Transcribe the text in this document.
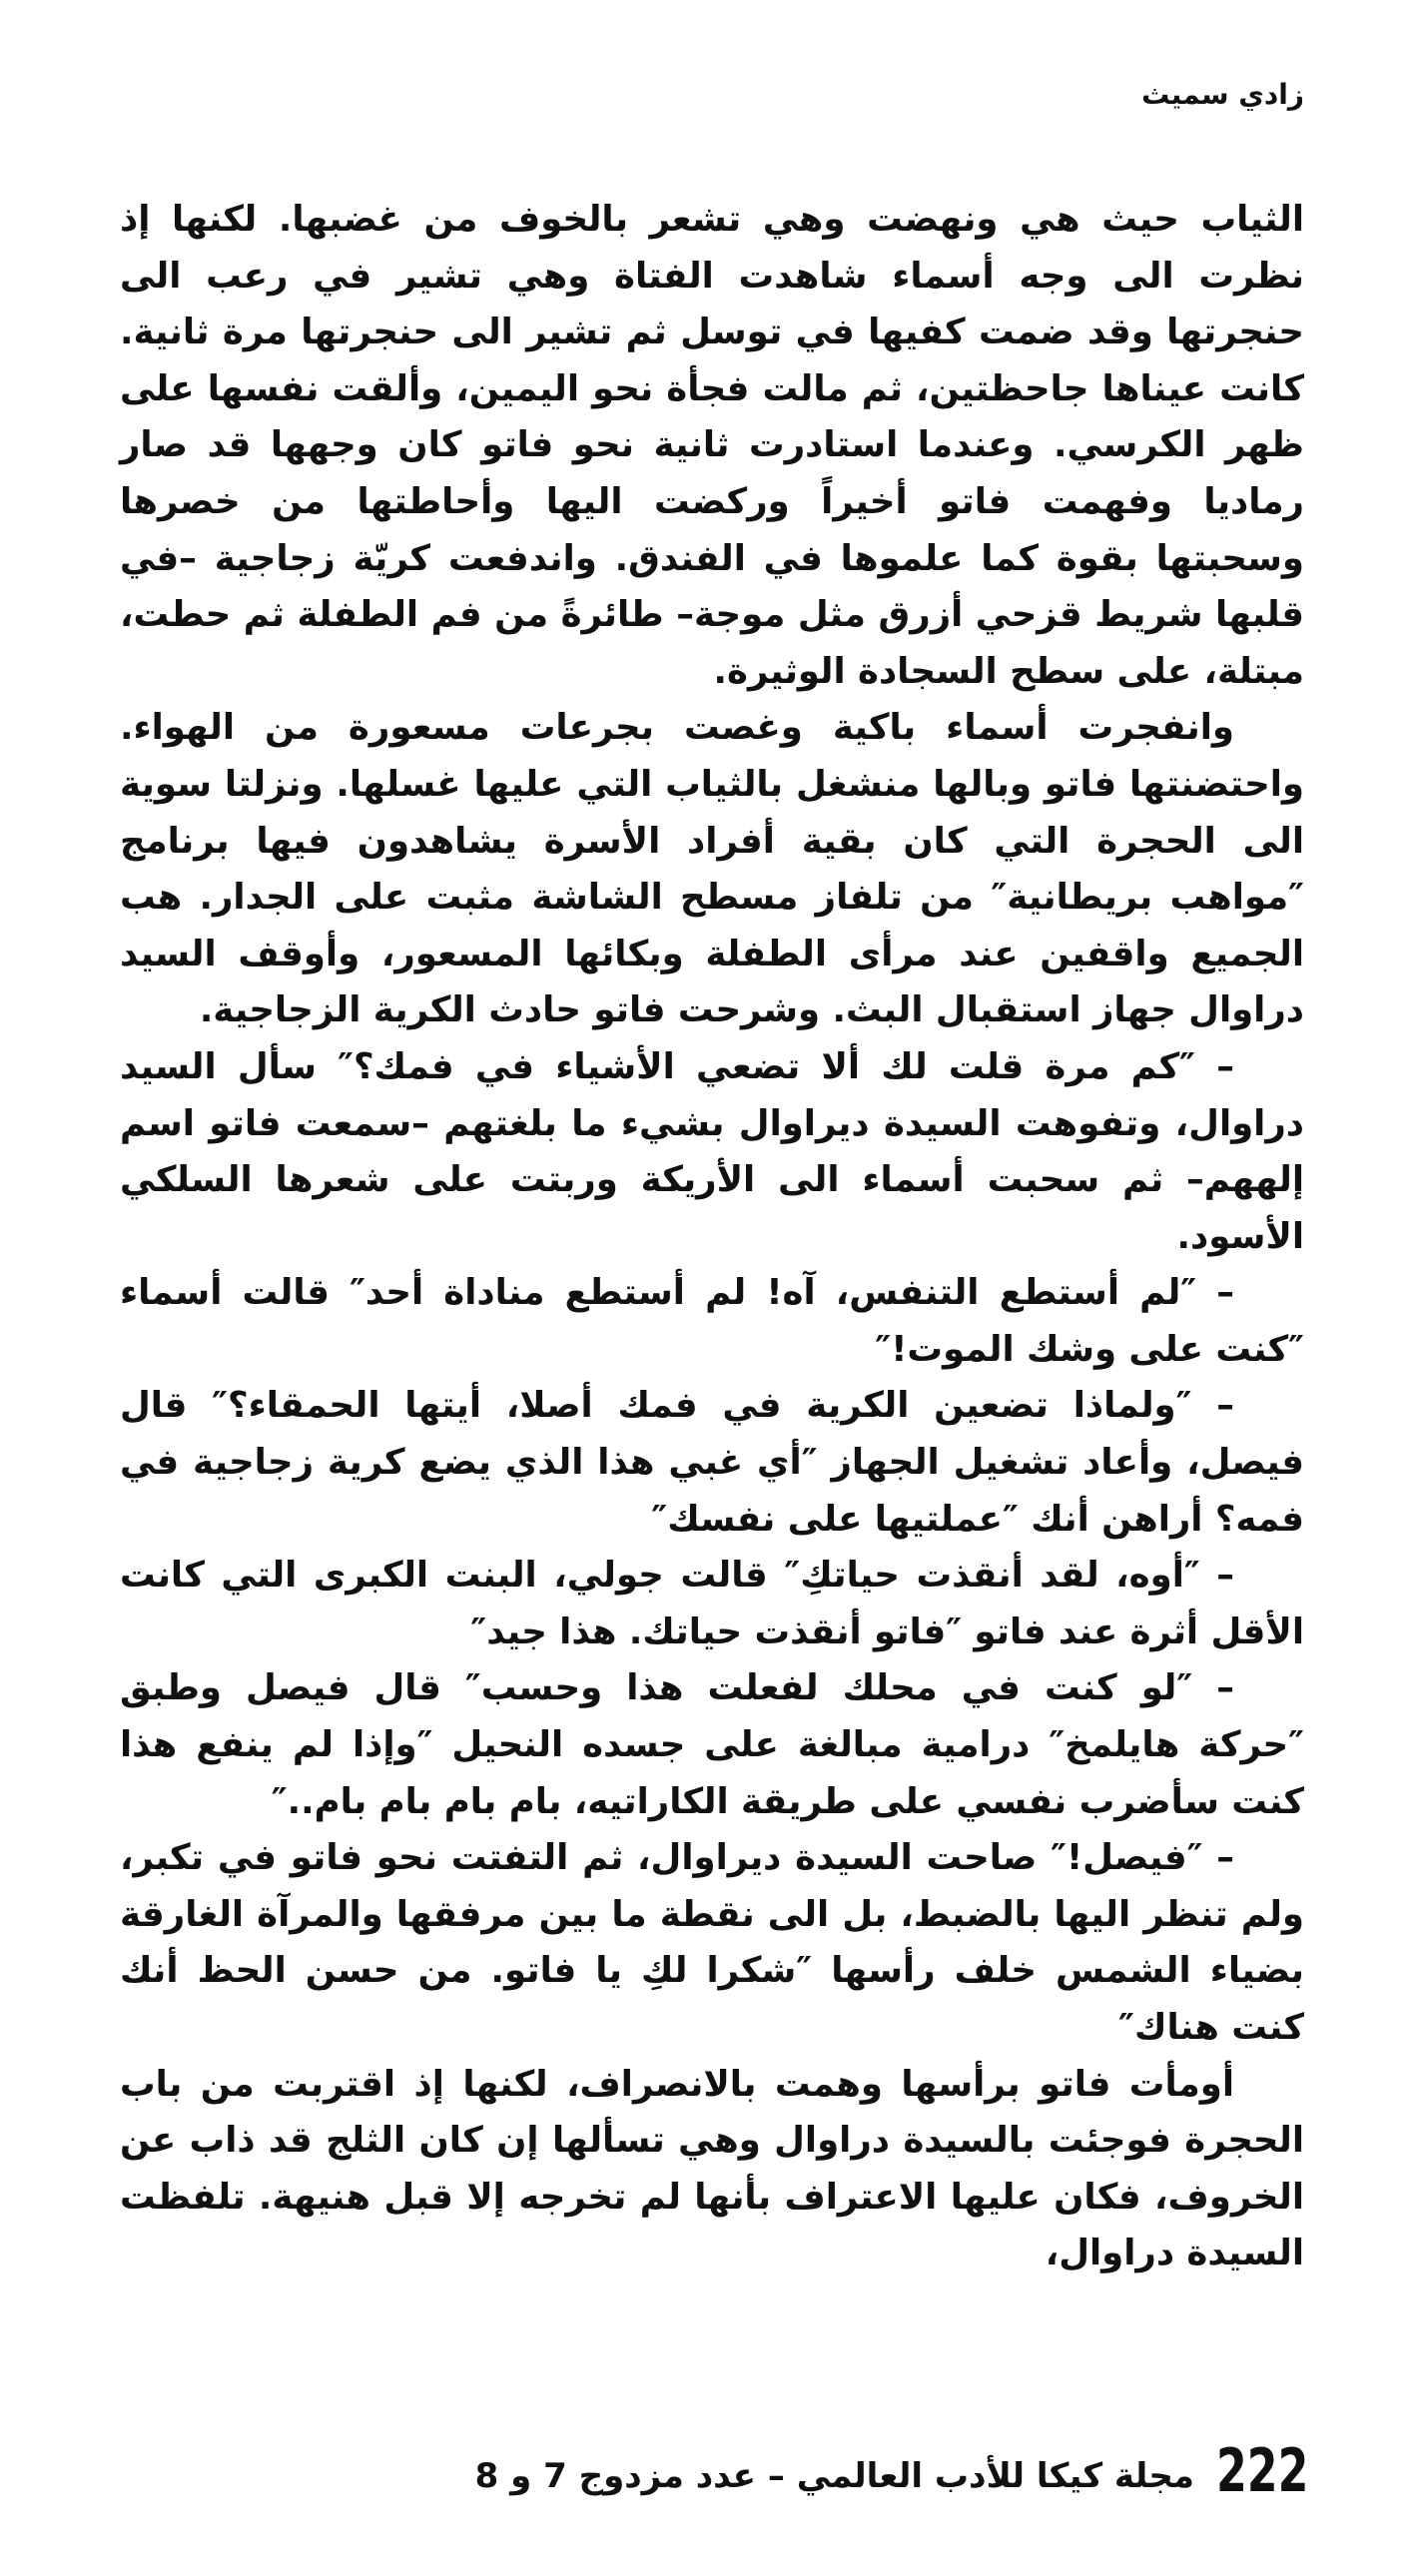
زادي سميث

الثياب حيث هي ونهضت وهي تشعر بالخوف من غضبها. لكنها إذ نظرت الى وجه أسماء شاهدت الفتاة وهي تشير في رعب الى حنجرتها وقد ضمت كفيها في توسل ثم تشير الى حنجرتها مرة ثانية. كانت عيناها جاحظتين، ثم مالت فجأة نحو اليمين، وألقت نفسها على ظهر الكرسي. وعندما استادرت ثانية نحو فاتو كان وجهها قد صار رماديا وفهمت فاتو أخيراً وركضت اليها وأحاطتها من خصرها وسحبتها بقوة كما علموها في الفندق. واندفعت كريّة زجاجية –في قلبها شريط قزحي أزرق مثل موجة– طائرةً من فم الطفلة ثم حطت، مبتلة، على سطح السجادة الوثيرة.

وانفجرت أسماء باكية وغصت بجرعات مسعورة من الهواء. واحتضنتها فاتو وبالها منشغل بالثياب التي عليها غسلها. ونزلتا سوية الى الحجرة التي كان بقية أفراد الأسرة يشاهدون فيها برنامج ″مواهب بريطانية″ من تلفاز مسطح الشاشة مثبت على الجدار. هب الجميع واقفين عند مرأى الطفلة وبكائها المسعور، وأوقف السيد دراوال جهاز استقبال البث. وشرحت فاتو حادث الكرية الزجاجية.

– ″كم مرة قلت لك ألا تضعي الأشياء في فمك؟″ سأل السيد دراوال، وتفوهت السيدة ديراوال بشيء ما بلغتهم –سمعت فاتو اسم إلههم– ثم سحبت أسماء الى الأريكة وربتت على شعرها السلكي الأسود.

– ″لم أستطع التنفس، آه! لم أستطع مناداة أحد″ قالت أسماء ″كنت على وشك الموت!″

– ″ولماذا تضعين الكرية في فمك أصلا، أيتها الحمقاء؟″ قال فيصل، وأعاد تشغيل الجهاز ″أي غبي هذا الذي يضع كرية زجاجية في فمه؟ أراهن أنك ″عملتيها على نفسك″

– ″أوه، لقد أنقذت حياتكِ″ قالت جولي، البنت الكبرى التي كانت الأقل أثرة عند فاتو ″فاتو أنقذت حياتك. هذا جيد″

– ″لو كنت في محلك لفعلت هذا وحسب″ قال فيصل وطبق ″حركة هايلمخ″ درامية مبالغة على جسده النحيل ″وإذا لم ينفع هذا كنت سأضرب نفسي على طريقة الكاراتيه، بام بام بام بام..″

– ″فيصل!″ صاحت السيدة ديراوال، ثم التفتت نحو فاتو في تكبر، ولم تنظر اليها بالضبط، بل الى نقطة ما بين مرفقها والمرآة الغارقة بضياء الشمس خلف رأسها ″شكرا لكِ يا فاتو. من حسن الحظ أنك كنت هناك″

أومأت فاتو برأسها وهمت بالانصراف، لكنها إذ اقتربت من باب الحجرة فوجئت بالسيدة دراوال وهي تسألها إن كان الثلج قد ذاب عن الخروف، فكان عليها الاعتراف بأنها لم تخرجه إلا قبل هنيهة. تلفظت السيدة دراوال،

222
مجلة كيكا للأدب العالمي – عدد مزدوج 7 و 8
